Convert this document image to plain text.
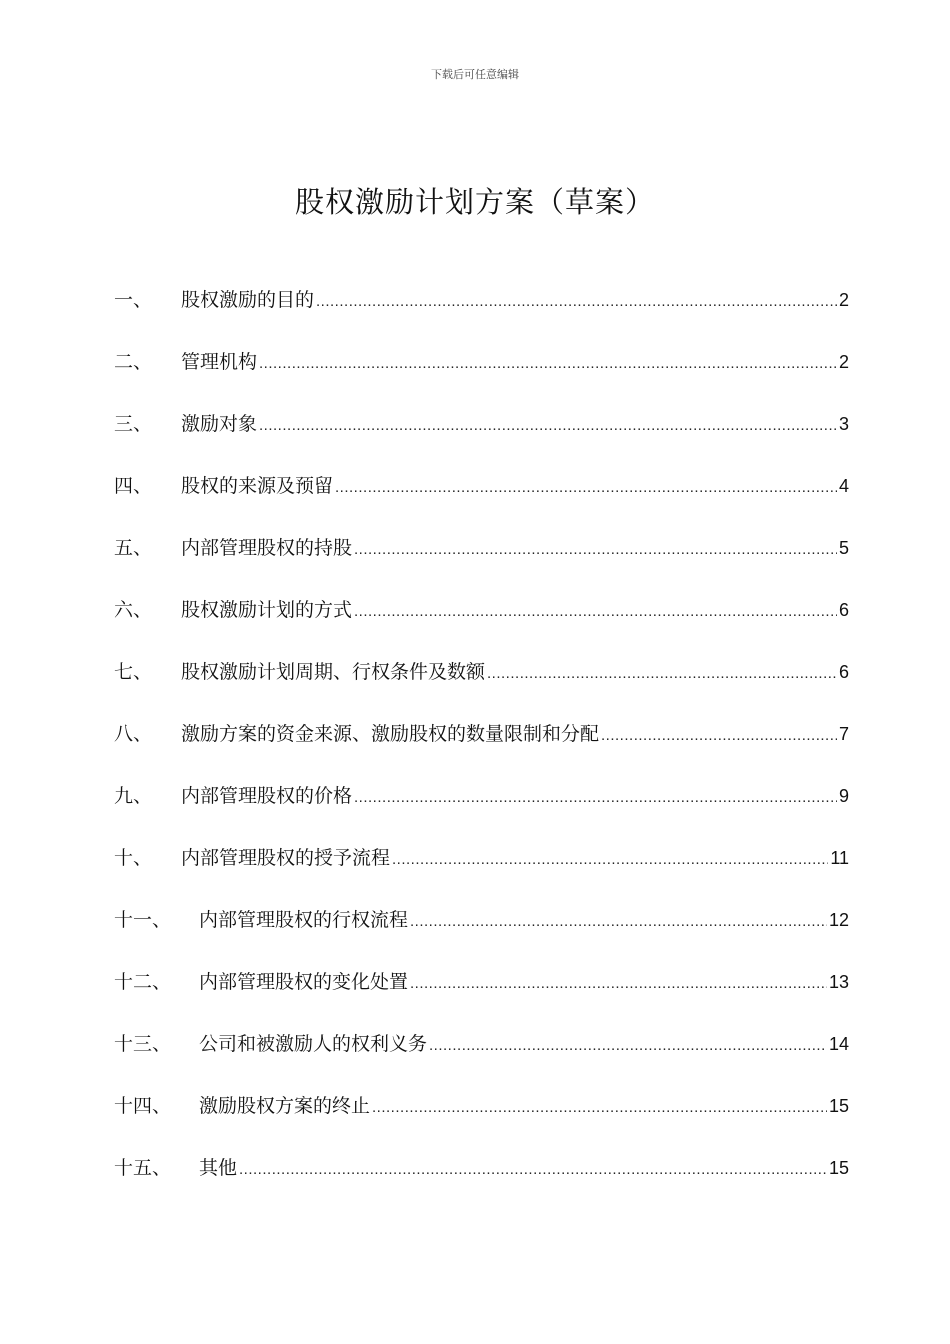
下载后可任意编辑
股权激励计划方案（草案）
一、	股权激励的目的 .....	2
二、	管理机构 .....	2
三、	激励对象 .....	3
四、	股权的来源及预留 .....	4
五、	内部管理股权的持股 .....	5
六、	股权激励计划的方式 .....	6
七、	股权激励计划周期、行权条件及数额 .....	6
八、	激励方案的资金来源、激励股权的数量限制和分配 .....	7
九、	内部管理股权的价格 .....	9
十、	内部管理股权的授予流程 .....	11
十一、	内部管理股权的行权流程 .....	12
十二、	内部管理股权的变化处置 .....	13
十三、	公司和被激励人的权利义务 .....	14
十四、	激励股权方案的终止 .....	15
十五、	其他 .....	15
